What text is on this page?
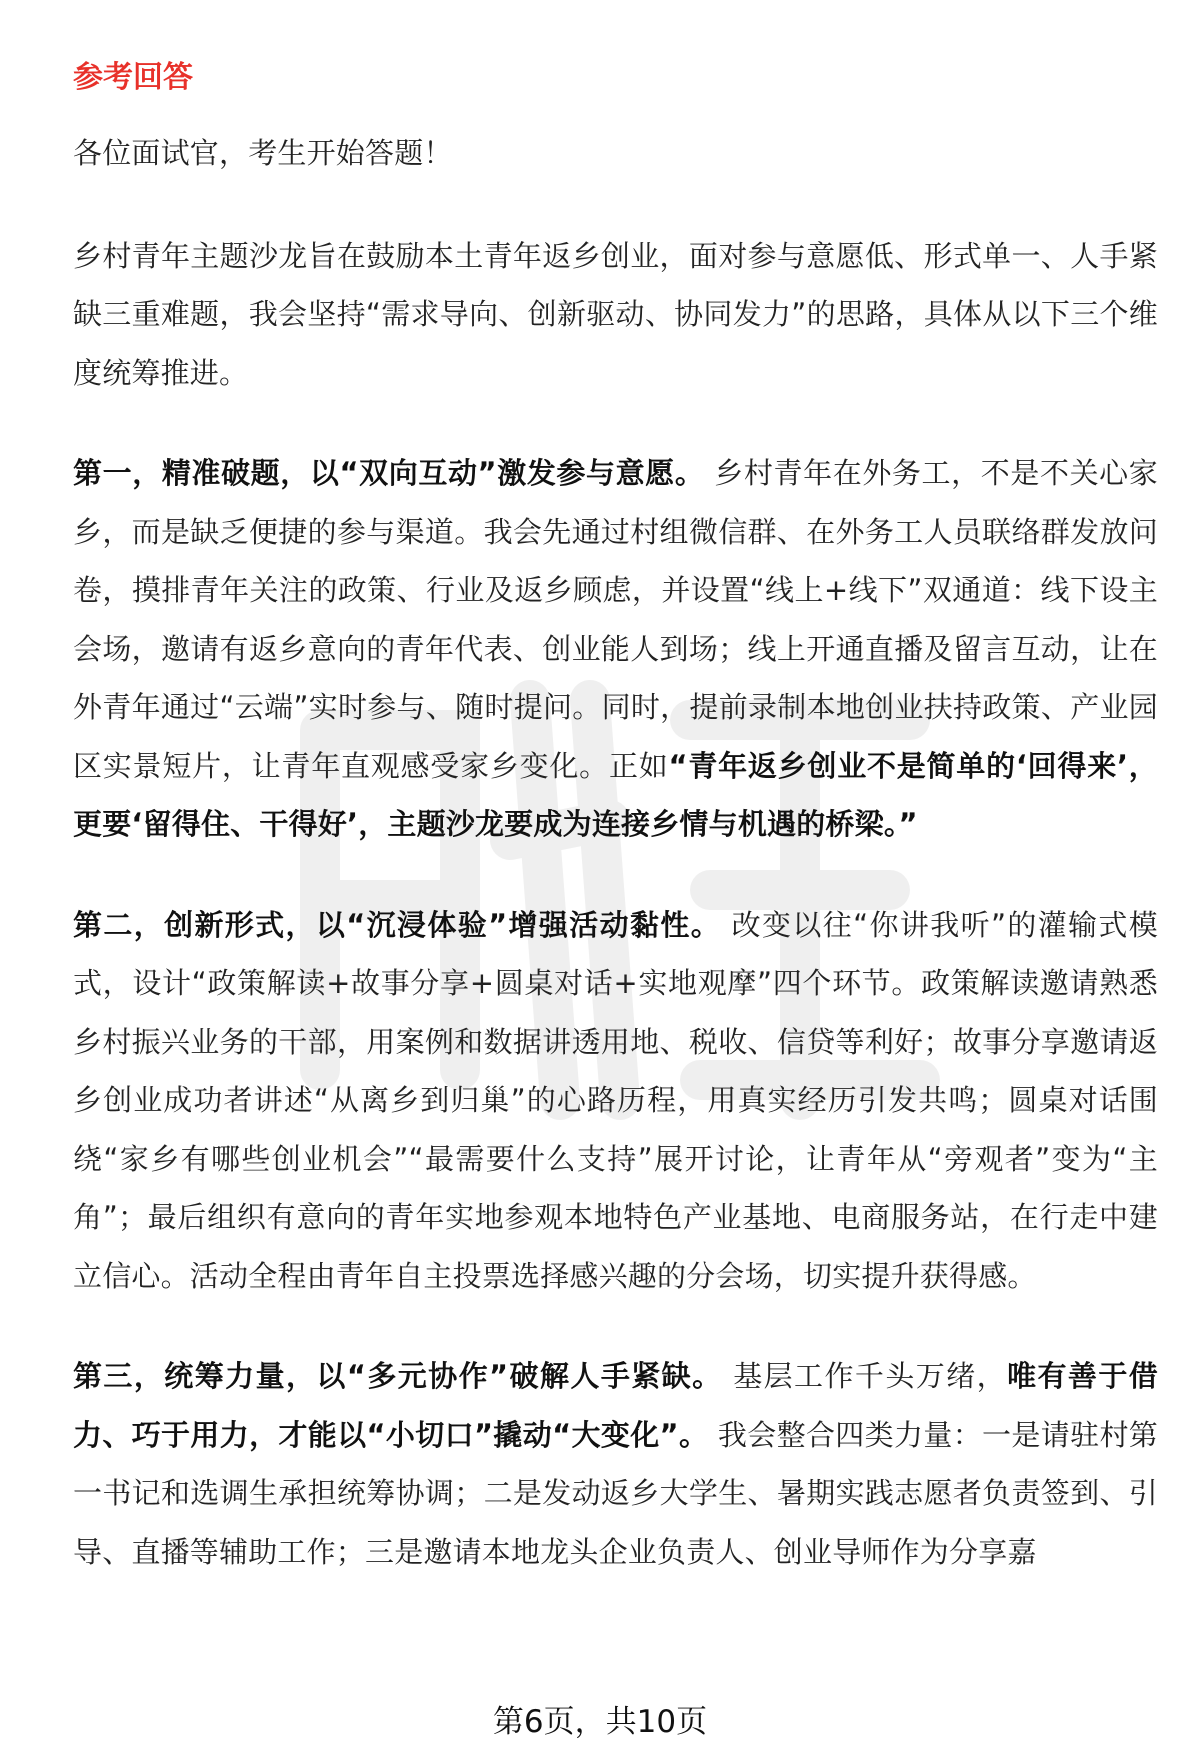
参考回答

各位面试官，考生开始答题！

乡村青年主题沙龙旨在鼓励本土青年返乡创业，面对参与意愿低、形式单一、人手紧缺三重难题，我会坚持“需求导向、创新驱动、协同发力”的思路，具体从以下三个维度统筹推进。

第一，精准破题，以“双向互动”激发参与意愿。 乡村青年在外务工，不是不关心家乡，而是缺乏便捷的参与渠道。我会先通过村组微信群、在外务工人员联络群发放问卷，摸排青年关注的政策、行业及返乡顾虑，并设置“线上+线下”双通道：线下设主会场，邀请有返乡意向的青年代表、创业能人到场；线上开通直播及留言互动，让在外青年通过“云端”实时参与、随时提问。同时，提前录制本地创业扶持政策、产业园区实景短片，让青年直观感受家乡变化。正如“青年返乡创业不是简单的‘回得来’，更要‘留得住、干得好’，主题沙龙要成为连接乡情与机遇的桥梁。”

第二，创新形式，以“沉浸体验”增强活动黏性。 改变以往“你讲我听”的灌输式模式，设计“政策解读+故事分享+圆桌对话+实地观摩”四个环节。政策解读邀请熟悉乡村振兴业务的干部，用案例和数据讲透用地、税收、信贷等利好；故事分享邀请返乡创业成功者讲述“从离乡到归巢”的心路历程，用真实经历引发共鸣；圆桌对话围绕“家乡有哪些创业机会”“最需要什么支持”展开讨论，让青年从“旁观者”变为“主角”；最后组织有意向的青年实地参观本地特色产业基地、电商服务站，在行走中建立信心。活动全程由青年自主投票选择感兴趣的分会场，切实提升获得感。

第三，统筹力量，以“多元协作”破解人手紧缺。 基层工作千头万绪，唯有善于借力、巧于用力，才能以“小切口”撬动“大变化”。 我会整合四类力量：一是请驻村第一书记和选调生承担统筹协调；二是发动返乡大学生、暑期实践志愿者负责签到、引导、直播等辅助工作；三是邀请本地龙头企业负责人、创业导师作为分享嘉

第6页，共10页
